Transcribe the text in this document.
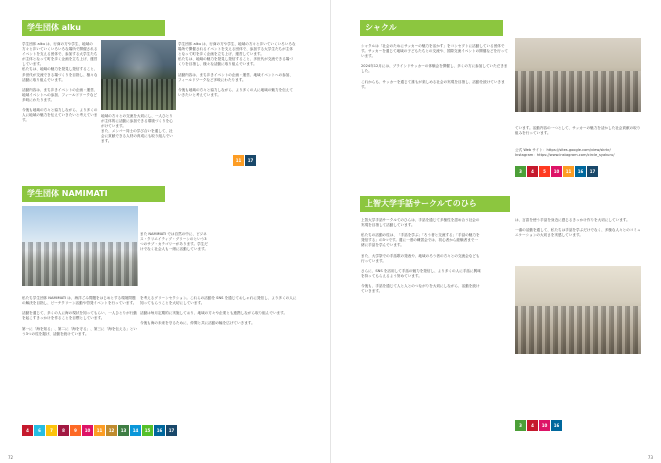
学生団体 alku
学生団体 alku は、行商の方や学生、地域の方々と歩いていくいろいろな場所で開催されるイベントを支える団体で、参加する大学生たちが主体となって町を歩く企画を立ち上げ、運営しています。
私たちは、地域の魅力を発見し発信すること、多世代が交流できる場づくりを目指し、様々な活動に取り組んでいます。

活動内容は、まち歩きイベントの企画・運営、地域イベントへの参加、フィールドワークなど多岐にわたります。

今後も地域の方々と協力しながら、より多くの人に地域の魅力を伝えていきたいと考えています。
地域の方々との交流を大切にし、一人ひとりが主体的に活動に参加できる環境づくりを心がけています。
また、メンバー同士の学び合いを通して、社会に貢献できる人材の育成にも取り組んでいます。
学生団体 alku は、行商の方や学生、地域の方々と歩いていくいろいろな場所で開催されるイベントを支える団体で、参加する大学生たちが主体となって町を歩く企画を立ち上げ、運営しています。
私たちは、地域の魅力を発見し発信すること、多世代が交流できる場づくりを目指し、様々な活動に取り組んでいます。

活動内容は、まち歩きイベントの企画・運営、地域イベントへの参加、フィールドワークなど多岐にわたります。

今後も地域の方々と協力しながら、より多くの人に地域の魅力を伝えていきたいと考えています。
11	17
学生団体 NAMIMATI
また NAMIMATI では自然の中に、ビジネス・クリエイティブ・グリーンのという3つのサブ・カテゴリーがあります。学生だけでなく社会人も一緒に活動しています。
私たち学生団体 NAMIMATI は、海洋ごみ問題をはじめとする環境問題の解決を目指し、ビーチクリーン活動や啓発イベントを行っています。

活動を通じて、多くの人に海の現状を知ってもらい、一人ひとりが行動を起こすきっかけを作ることを目標としています。

第一に「海を知る」、第二に「海を守る」、第三に「海を伝える」という3つの柱を掲げ、活動を続けています。
を考えるグリーンセクション。これらの活動を SNS を通じておしゃれに発信し、より多くの人に知ってもらうことを大切にしています。

活動は毎月定期的に実施しており、地域の方々や企業とも連携しながら取り組んでいます。

今後も海の未来を守るために、仲間と共に活動の輪を広げていきます。
4	6	7	8	9	10	11	12	13	14	15	16	17
72
シャクル
シャクルは「社会のためにサッカーの魅力を活かす」をコンセプトに活動している団体です。サッカーを通じて地域の子どもたちとの交流や、国際交流イベントの開催などを行っています。

2024年12月には、ブラインドサッカーの体験会を開催し、多くの方に参加していただきました。

これからも、サッカーを通じて誰もが楽しめる社会の実現を目指し、活動を続けていきます。
ています。活動内容の一つとして、サッカーの魅力を活かした社会貢献の取り組みを行っています。
公式 Web サイト：https://sites.google.com/view/skrkr/
Instagram：https://www.instagram.com/circle_syakuru/
3	4	5	10	11	16	17
上智大学手話サークルてのひら
上智大学手話サークルてのひらは、手話を通じて多様性を認め合う社会の実現を目指して活動しています。

私たちの活動の柱は、「手話を学ぶ」「ろう者と交流する」「手話の魅力を発信する」の3つです。週に一度の練習会では、初心者から経験者まで一緒に手話を学んでいます。

また、大学祭での手話歌の発表や、地域のろう者の方々との交流会なども行っています。

さらに、SNS を活用して手話の魅力を発信し、より多くの人に手話に興味を持ってもらえるよう努めています。

今後も、手話を通じて人と人とのつながりを大切にしながら、活動を続けていきます。
は、言語を使う手話を身近に感じるきっかけ作りを大切にしています。

一番の活動を通して、私たちは手話を学ぶだけでなく、多様な人々とのコミュニケーションの大切さを実感しています。
3	4	10	16
73
